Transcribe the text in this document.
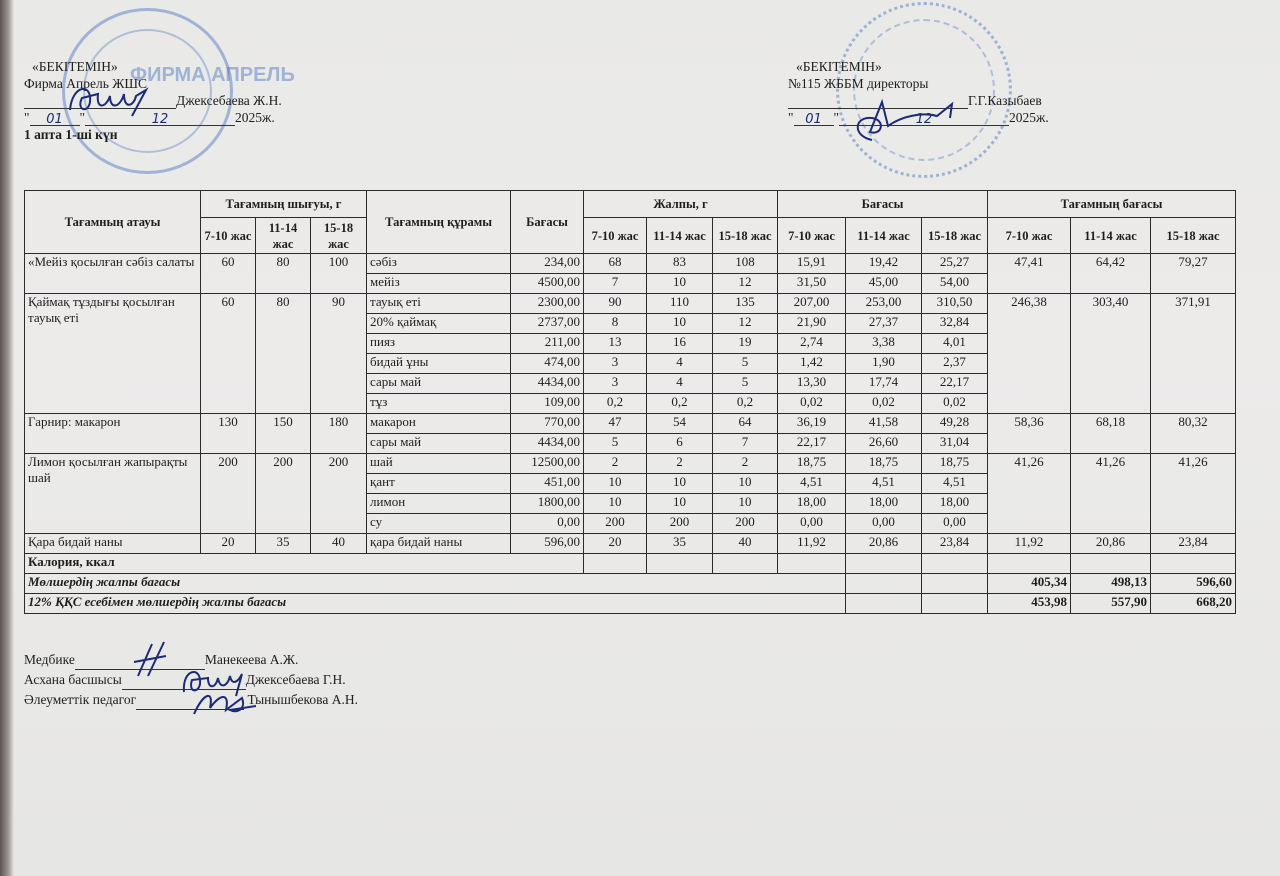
ФИРМА АПРЕЛЬ
«БЕКІТЕМІН»
Фирма Апрель ЖШС
Джексебаева Ж.Н.
" 01 "	12	2025ж.
1 апта 1-ші күн
«БЕКІТЕМІН»
№115 ЖББМ директоры
Г.Г.Казыбаев
" 01 "	12	2025ж.
Тағамның атауы	Тағамның шығуы, г			Тағамның құрамы	Бағасы	Жалпы, г			Бағасы			Тағамның бағасы		
	7-10 жас	11-14 жас	15-18 жас			7-10 жас	11-14 жас	15-18 жас	7-10 жас	11-14 жас	15-18 жас	7-10 жас	11-14 жас	15-18 жас
«Мейіз қосылған сәбіз салаты	60	80	100	сәбіз	234,00	68	83	108	15,91	19,42	25,27	47,41	64,42	79,27
				мейіз	4500,00	7	10	12	31,50	45,00	54,00			
Қаймақ тұздығы қосылған тауық еті	60	80	90	тауық еті	2300,00	90	110	135	207,00	253,00	310,50	246,38	303,40	371,91
				20% қаймақ	2737,00	8	10	12	21,90	27,37	32,84			
				пияз	211,00	13	16	19	2,74	3,38	4,01			
				бидай ұны	474,00	3	4	5	1,42	1,90	2,37			
				сары май	4434,00	3	4	5	13,30	17,74	22,17			
				тұз	109,00	0,2	0,2	0,2	0,02	0,02	0,02			
Гарнир: макарон	130	150	180	макарон	770,00	47	54	64	36,19	41,58	49,28	58,36	68,18	80,32
				сары май	4434,00	5	6	7	22,17	26,60	31,04			
Лимон қосылған жапырақты шай	200	200	200	шай	12500,00	2	2	2	18,75	18,75	18,75	41,26	41,26	41,26
				қант	451,00	10	10	10	4,51	4,51	4,51			
				лимон	1800,00	10	10	10	18,00	18,00	18,00			
				су	0,00	200	200	200	0,00	0,00	0,00			
Қара бидай наны	20	35	40	қара бидай наны	596,00	20	35	40	11,92	20,86	23,84	11,92	20,86	23,84
Калория, ккал														
Мөлшердің жалпы бағасы												405,34	498,13	596,60
12% ҚҚС есебімен мөлшердің жалпы бағасы												453,98	557,90	668,20
Медбике	Манекеева А.Ж.
Асхана басшысы	Джексебаева Г.Н.
Әлеуметтік педагог	Тынышбекова А.Н.
